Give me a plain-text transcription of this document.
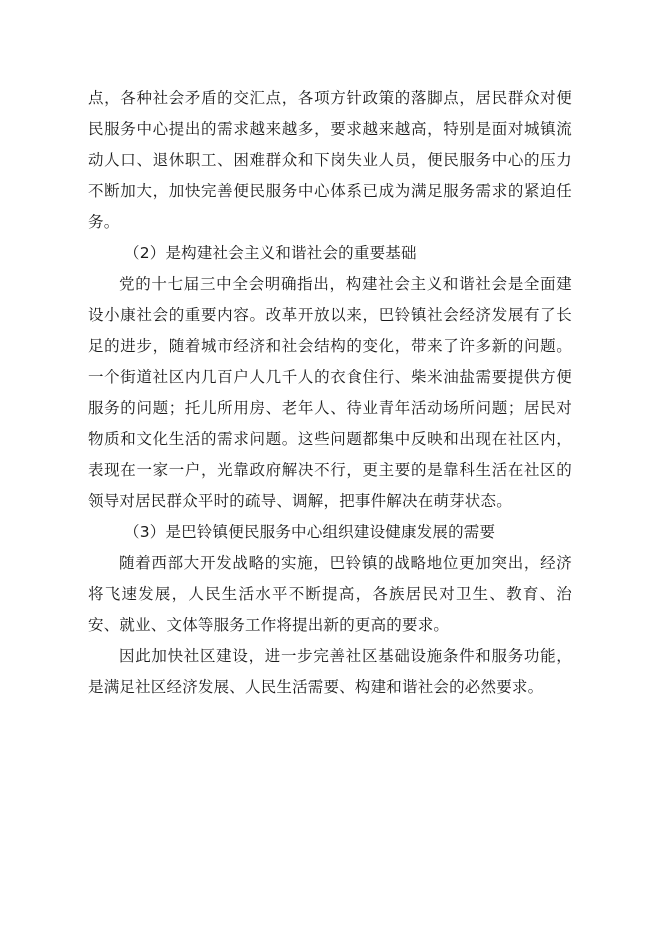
点，各种社会矛盾的交汇点，各项方针政策的落脚点，居民群众对便民服务中心提出的需求越来越多，要求越来越高，特别是面对城镇流动人口、退休职工、困难群众和下岗失业人员，便民服务中心的压力不断加大，加快完善便民服务中心体系已成为满足服务需求的紧迫任务。

（2）是构建社会主义和谐社会的重要基础

党的十七届三中全会明确指出，构建社会主义和谐社会是全面建设小康社会的重要内容。改革开放以来，巴铃镇社会经济发展有了长足的进步，随着城市经济和社会结构的变化，带来了许多新的问题。一个街道社区内几百户人几千人的衣食住行、柴米油盐需要提供方便服务的问题；托儿所用房、老年人、待业青年活动场所问题；居民对物质和文化生活的需求问题。这些问题都集中反映和出现在社区内，表现在一家一户，光靠政府解决不行，更主要的是靠科生活在社区的领导对居民群众平时的疏导、调解，把事件解决在萌芽状态。

（3）是巴铃镇便民服务中心组织建设健康发展的需要

随着西部大开发战略的实施，巴铃镇的战略地位更加突出，经济将飞速发展，人民生活水平不断提高，各族居民对卫生、教育、治安、就业、文体等服务工作将提出新的更高的要求。

因此加快社区建设，进一步完善社区基础设施条件和服务功能，是满足社区经济发展、人民生活需要、构建和谐社会的必然要求。
